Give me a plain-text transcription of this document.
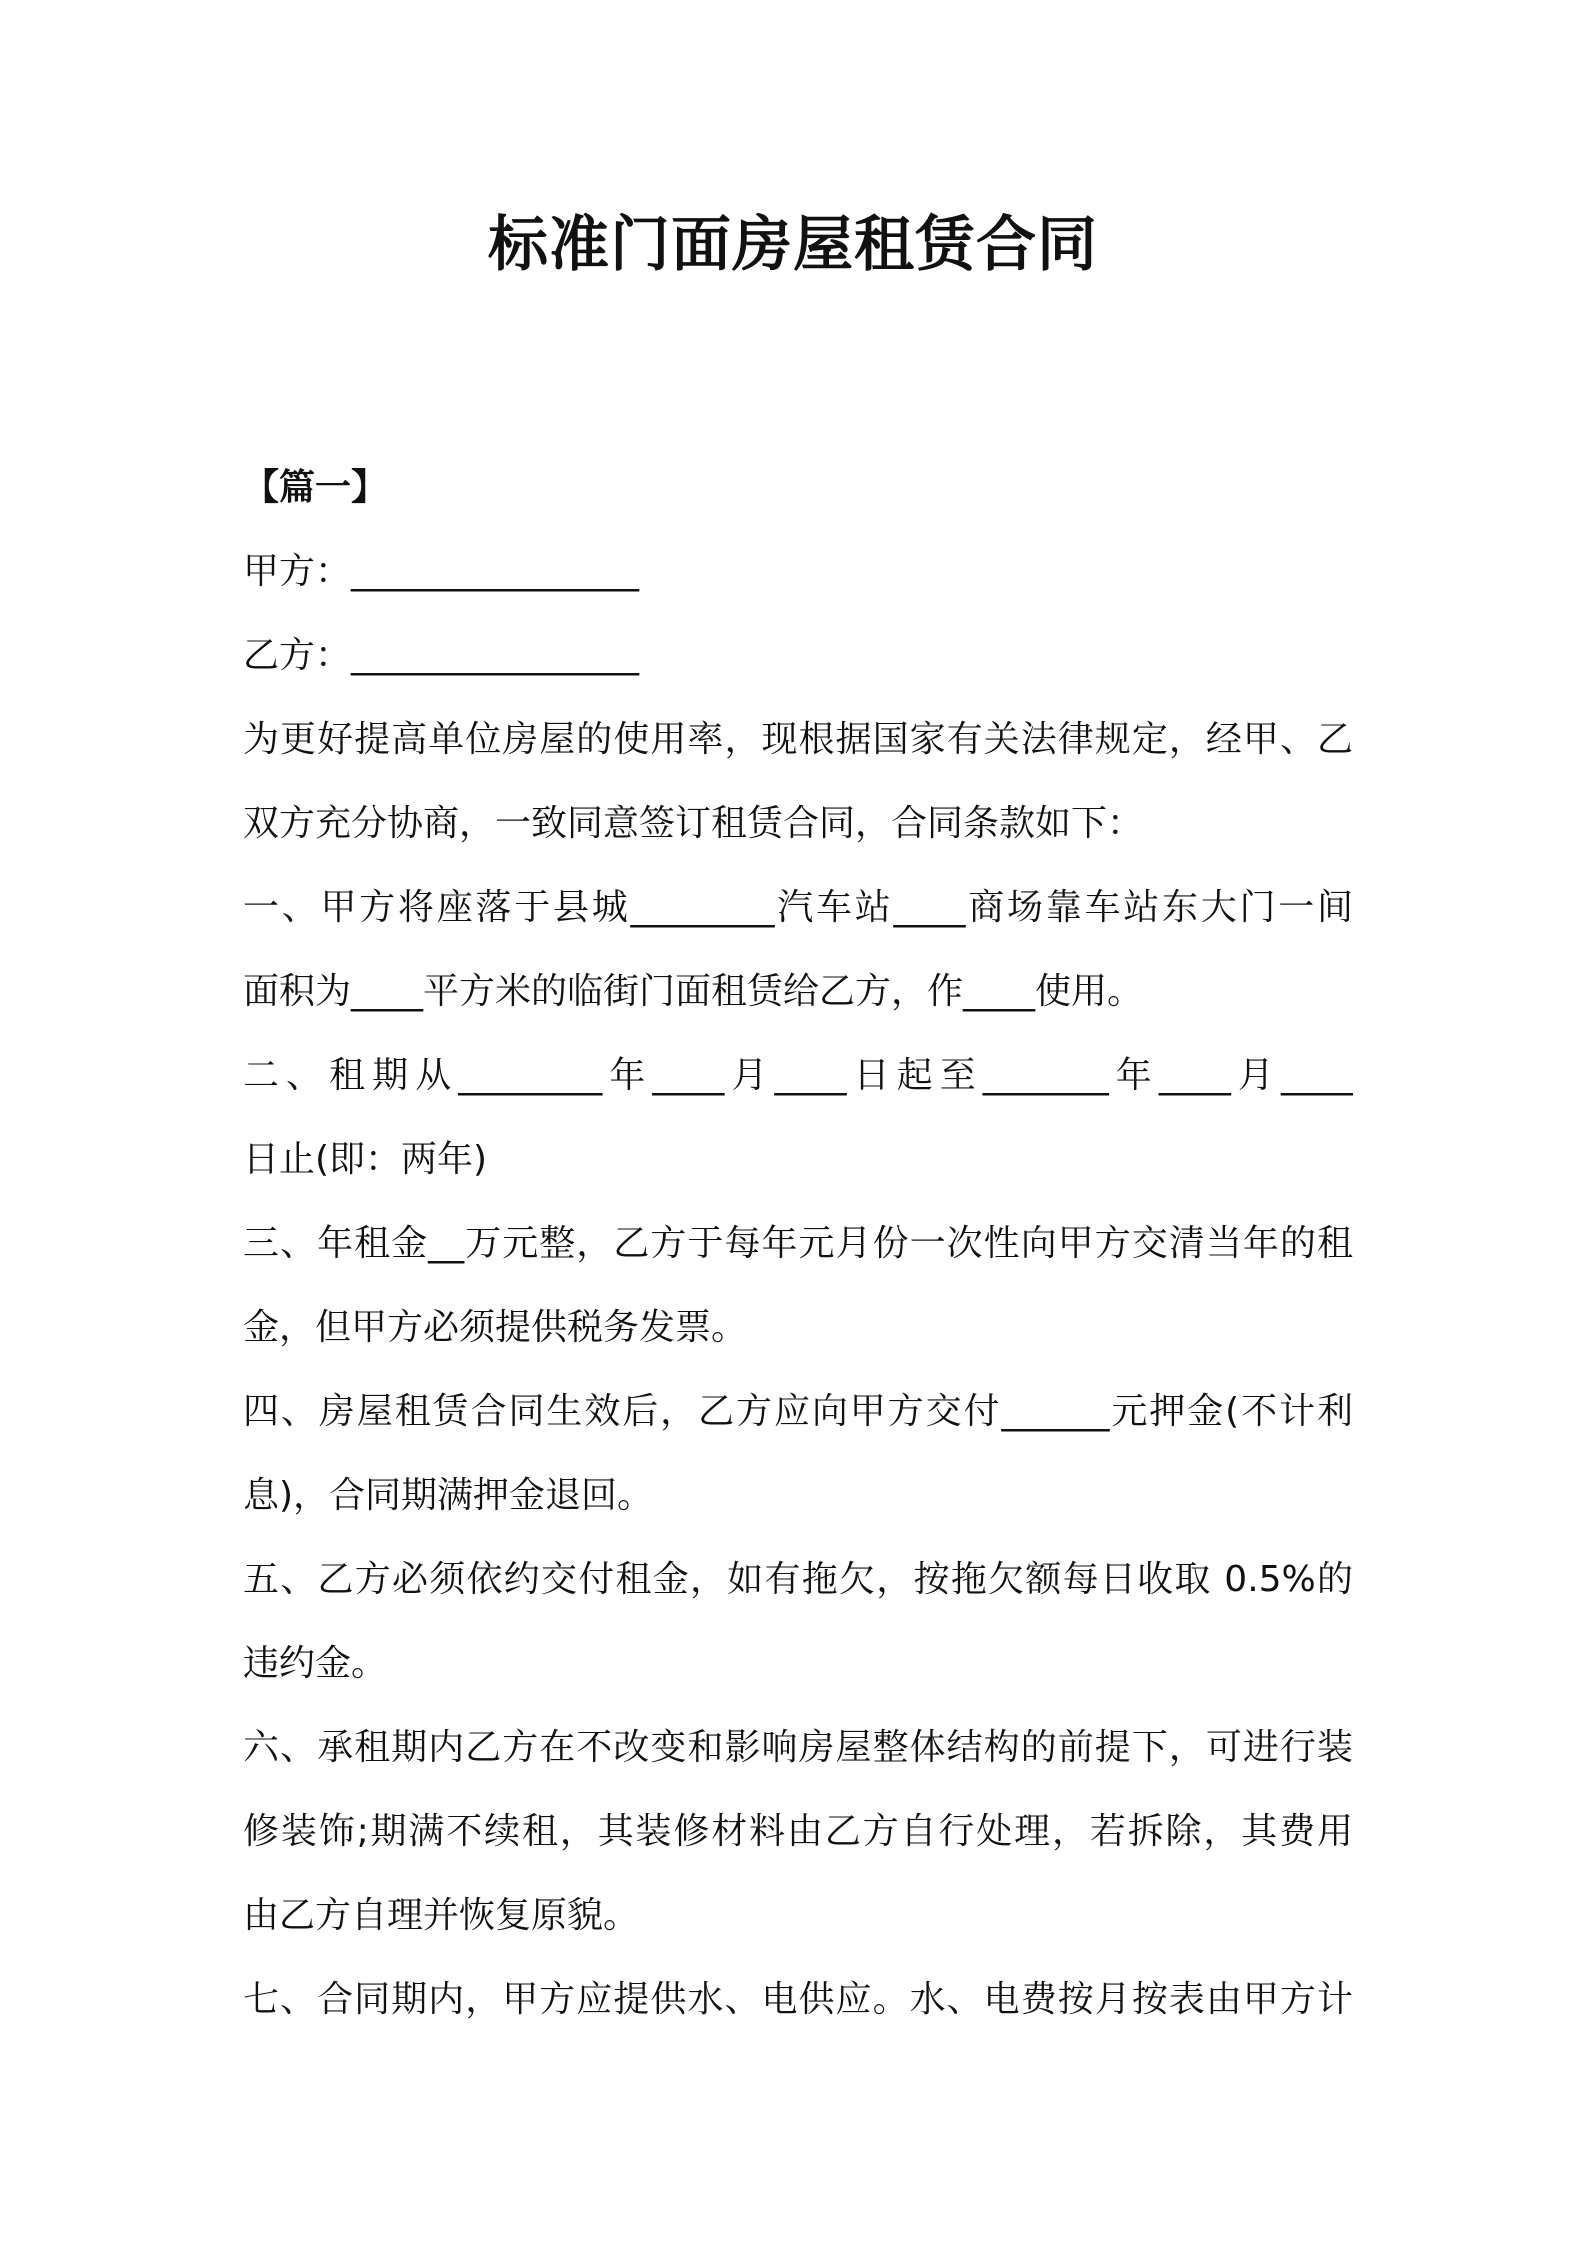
标准门面房屋租赁合同
【篇一】
甲方：________________
乙方：________________
为更好提高单位房屋的使用率，现根据国家有关法律规定，经甲、乙
双方充分协商，一致同意签订租赁合同，合同条款如下：
一、甲方将座落于县城________汽车站____商场靠车站东大门一间
面积为____平方米的临街门面租赁给乙方，作____使用。
二、租期从________年____月____日起至_______年____月____
日止(即：两年)
三、年租金__万元整，乙方于每年元月份一次性向甲方交清当年的租
金，但甲方必须提供税务发票。
四、房屋租赁合同生效后，乙方应向甲方交付______元押金(不计利
息)，合同期满押金退回。
五、乙方必须依约交付租金，如有拖欠，按拖欠额每日收取 0.5%的
违约金。
六、承租期内乙方在不改变和影响房屋整体结构的前提下，可进行装
修装饰;期满不续租，其装修材料由乙方自行处理，若拆除，其费用
由乙方自理并恢复原貌。
七、合同期内，甲方应提供水、电供应。水、电费按月按表由甲方计
